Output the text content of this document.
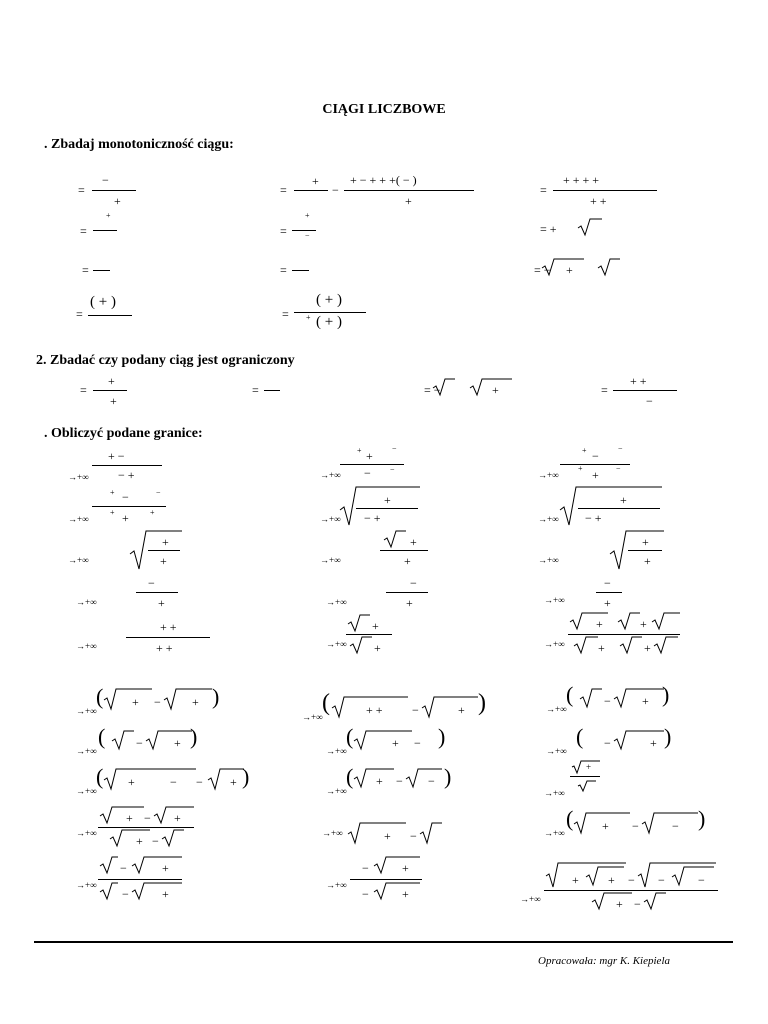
CIĄGI LICZBOWE
. Zbadaj monotoniczność ciągu:
=
−
+
=
+
−
+ − + + +( − )
+
=
+ + + +
+ +
=
+
=
+
−	= +
=	=	= − +
=
( + )
=
( + )
+ ( + )
2. Zbadać czy podany ciąg jest ograniczony
=
+
+
=	= −	+	=
+ +
−
. Obliczyć podane granice:
→+∞
+ −
− +	→+∞
+ +
−
− −
→+∞
+ −
−
+ + −
→+∞
+ −	−
+ +	+
→+∞
+
− +	→+∞
+
− +
→+∞
+
+	→+∞
+
+	→+∞
+
+
→+∞
−
+	→+∞
−
+	→+∞
−
+
→+∞
+ +
+ +	→+∞
+
+	→+∞
+	+
+	+
→+∞
( + −	+ )
→+∞
(	+ + −	+ )	→+∞
(	−	+ )
→+∞
(	−	+ )
→+∞
(	+ − )
→+∞
( −	+ )
→+∞
( +	− − + )
→+∞
( + − − )
→+∞
+
→+∞
+ − +
+ −
→+∞	+ −	→+∞
( + −	− )
→+∞
−	+
−	+
→+∞
−	+
−	+	→+∞
+ + − −	−
+ −
Opracowała: mgr K. Kiepiela
